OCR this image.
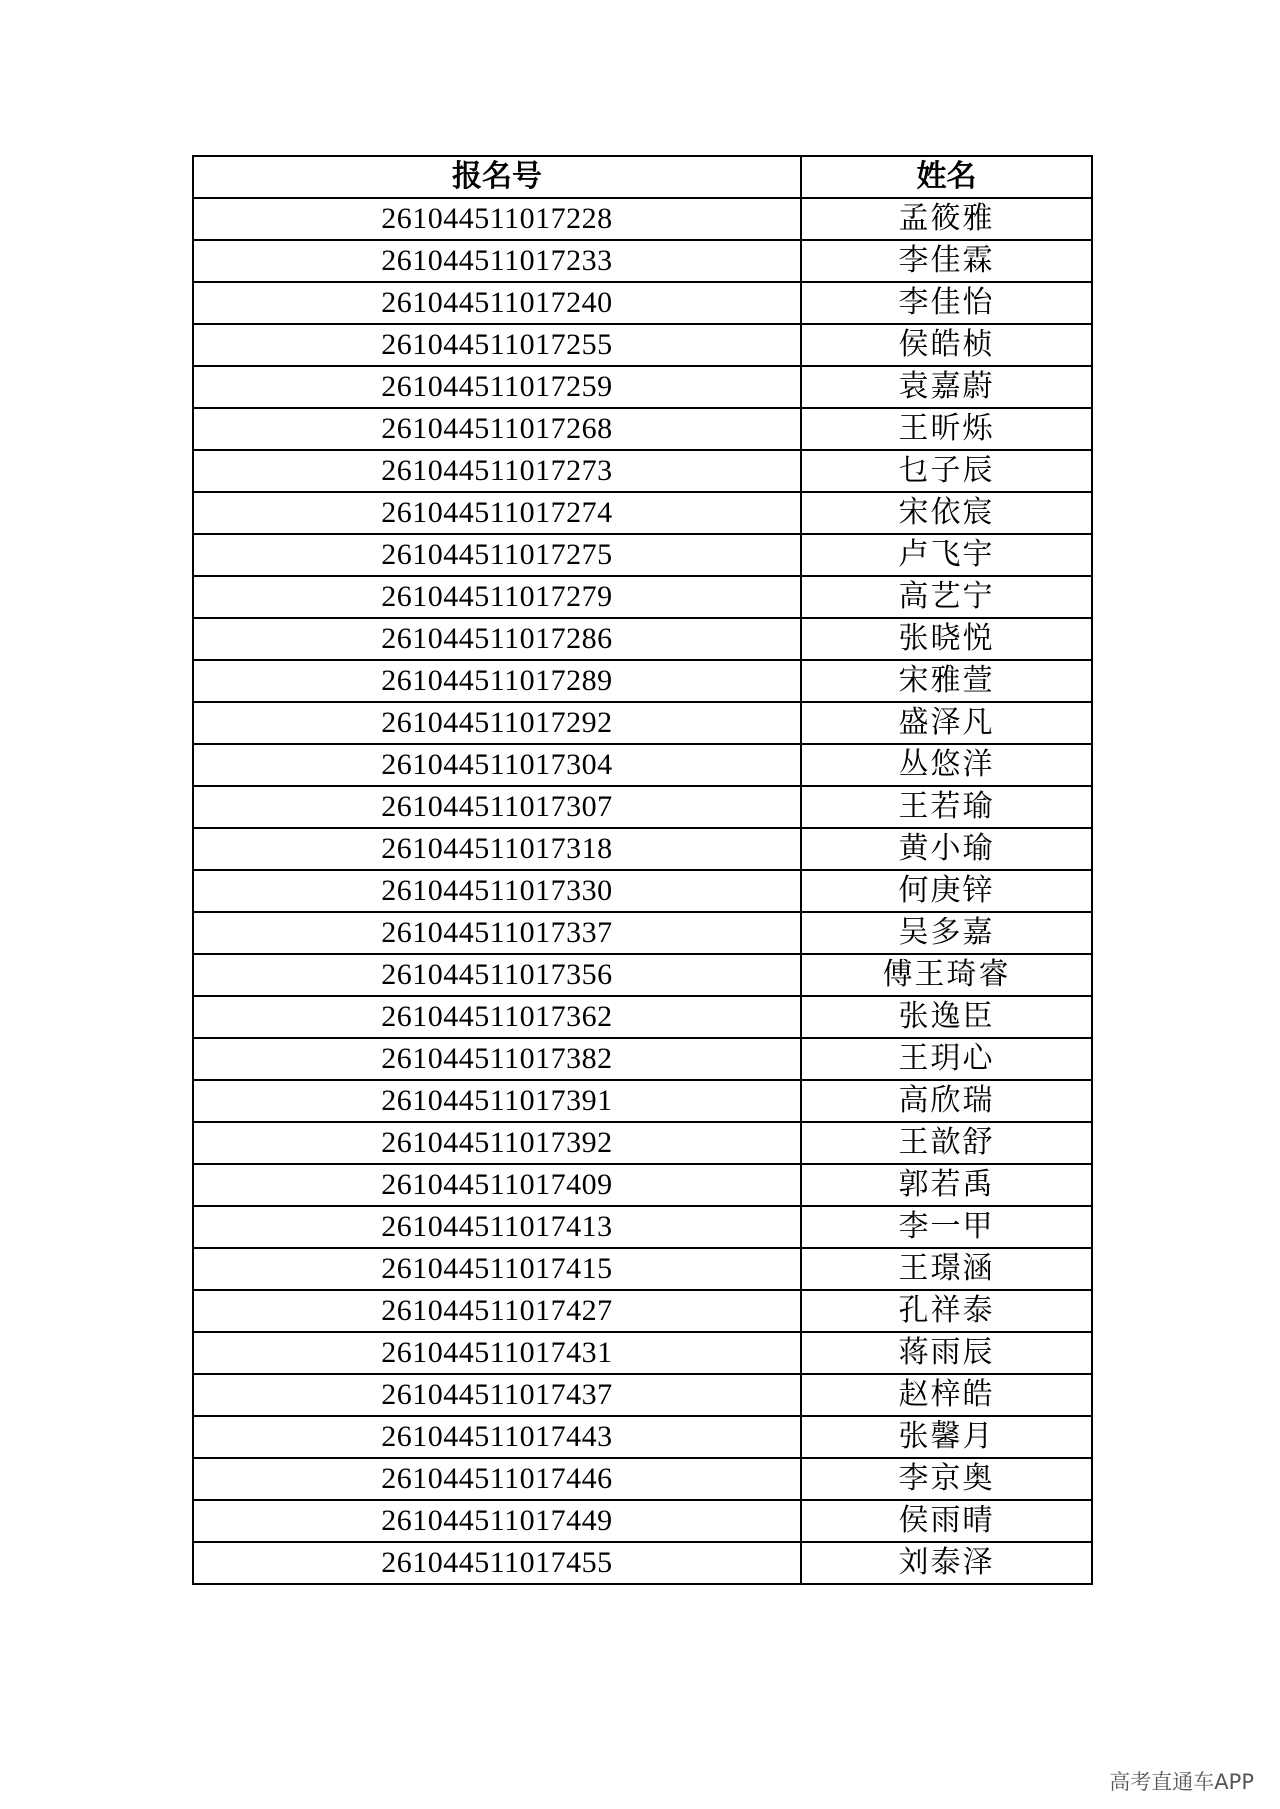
报名号	姓名
261044511017228	孟筱雅
261044511017233	李佳霖
261044511017240	李佳怡
261044511017255	侯皓桢
261044511017259	袁嘉蔚
261044511017268	王昕烁
261044511017273	乜子辰
261044511017274	宋依宸
261044511017275	卢飞宇
261044511017279	高艺宁
261044511017286	张晓悦
261044511017289	宋雅萱
261044511017292	盛泽凡
261044511017304	丛悠洋
261044511017307	王若瑜
261044511017318	黄小瑜
261044511017330	何庚锌
261044511017337	吴多嘉
261044511017356	傅王琦睿
261044511017362	张逸臣
261044511017382	王玥心
261044511017391	高欣瑞
261044511017392	王歆舒
261044511017409	郭若禹
261044511017413	李一甲
261044511017415	王璟涵
261044511017427	孔祥泰
261044511017431	蒋雨辰
261044511017437	赵梓皓
261044511017443	张馨月
261044511017446	李京奥
261044511017449	侯雨晴
261044511017455	刘泰泽
高考直通车APP
